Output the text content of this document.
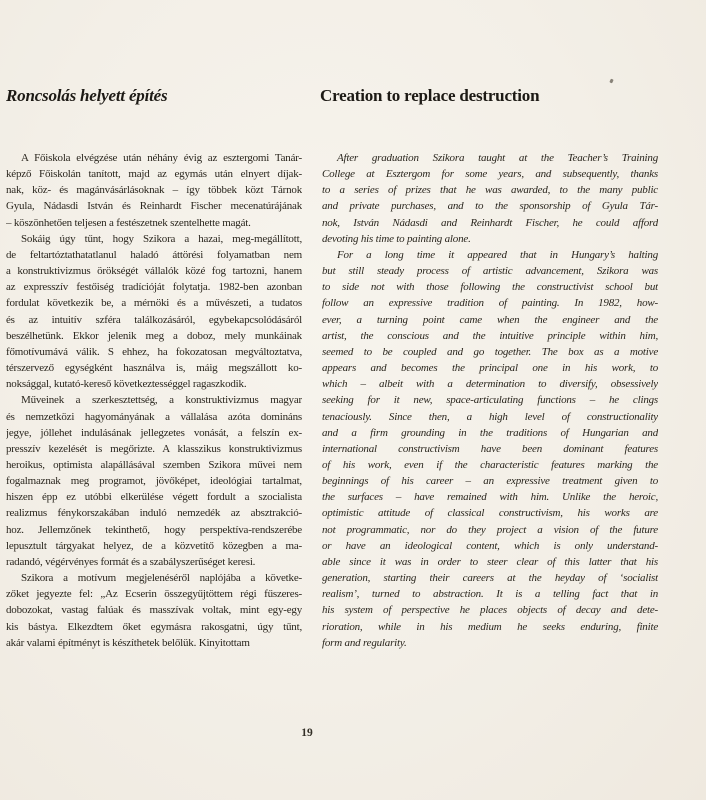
Roncsolás helyett építés	Creation to replace destruction
A Főiskola elvégzése után néhány évig az esztergomi Tanár-
képző Főiskolán tanított, majd az egymás után elnyert díjak-
nak, köz- és magánvásárlásoknak – így többek közt Tárnok
Gyula, Nádasdi István és Reinhardt Fischer mecenatúrájának
– köszönhetően teljesen a festészetnek szentelhette magát.
Sokáig úgy tűnt, hogy Szikora a hazai, meg-megállított,
de feltartóztathatatlanul haladó áttörési folyamatban nem
a konstruktivizmus örökségét vállalók közé fog tartozni, hanem
az expresszív festőiség tradícióját folytatja. 1982-ben azonban
fordulat következik be, a mérnöki és a művészeti, a tudatos
és az intuitív szféra találkozásáról, egybekapcsolódásáról
beszélhetünk. Ekkor jelenik meg a doboz, mely munkáinak
főmotívumává válik. S ehhez, ha fokozatosan megváltoztatva,
térszervező egységként használva is, máig megszállott ko-
noksággal, kutató-kereső következtességgel ragaszkodik.
Műveinek a szerkesztettség, a konstruktivizmus magyar
és nemzetközi hagyományának a vállalása azóta domináns
jegye, jóllehet indulásának jellegzetes vonását, a felszín ex-
presszív kezelését is megőrizte. A klasszikus konstruktivizmus
heroikus, optimista alapállásával szemben Szikora művei nem
fogalmaznak meg programot, jövőképet, ideológiai tartalmat,
hiszen épp ez utóbbi elkerülése végett fordult a szocialista
realizmus fénykorszakában induló nemzedék az absztrakció-
hoz. Jellemzőnek tekinthető, hogy perspektíva-rendszerébe
lepusztult tárgyakat helyez, de a közvetítő közegben a ma-
radandó, végérvényes formát és a szabályszerűséget keresi.
Szikora a motívum megjelenéséről naplójába a követke-
zőket jegyezte fel: „Az Ecserin összegyűjtöttem régi fűszeres-
dobozokat, vastag falúak és masszívak voltak, mint egy-egy
kis bástya. Elkezdtem őket egymásra rakosgatni, úgy tűnt,
akár valami építményt is készíthetek belőlük. Kinyitottam
After graduation Szikora taught at the Teacher’s Training
College at Esztergom for some years, and subsequently, thanks
to a series of prizes that he was awarded, to the many public
and private purchases, and to the sponsorship of Gyula Tár-
nok, István Nádasdi and Reinhardt Fischer, he could afford
devoting his time to painting alone.
For a long time it appeared that in Hungary’s halting
but still steady process of artistic advancement, Szikora was
to side not with those following the constructivist school but
follow an expressive tradition of painting. In 1982, how-
ever, a turning point came when the engineer and the
artist, the conscious and the intuitive principle within him,
seemed to be coupled and go together. The box as a motive
appears and becomes the principal one in his work, to
which – albeit with a determination to diversify, obsessively
seeking for it new, space-articulating functions – he clings
tenaciously. Since then, a high level of constructionality
and a firm grounding in the traditions of Hungarian and
international constructivism have been dominant features
of his work, even if the characteristic features marking the
beginnings of his career – an expressive treatment given to
the surfaces – have remained with him. Unlike the heroic,
optimistic attitude of classical constructivism, his works are
not programmatic, nor do they project a vision of the future
or have an ideological content, which is only understand-
able since it was in order to steer clear of this latter that his
generation, starting their careers at the heyday of ‘socialist
realism’, turned to abstraction. It is a telling fact that in
his system of perspective he places objects of decay and dete-
rioration, while in his medium he seeks enduring, finite
form and regularity.
19
